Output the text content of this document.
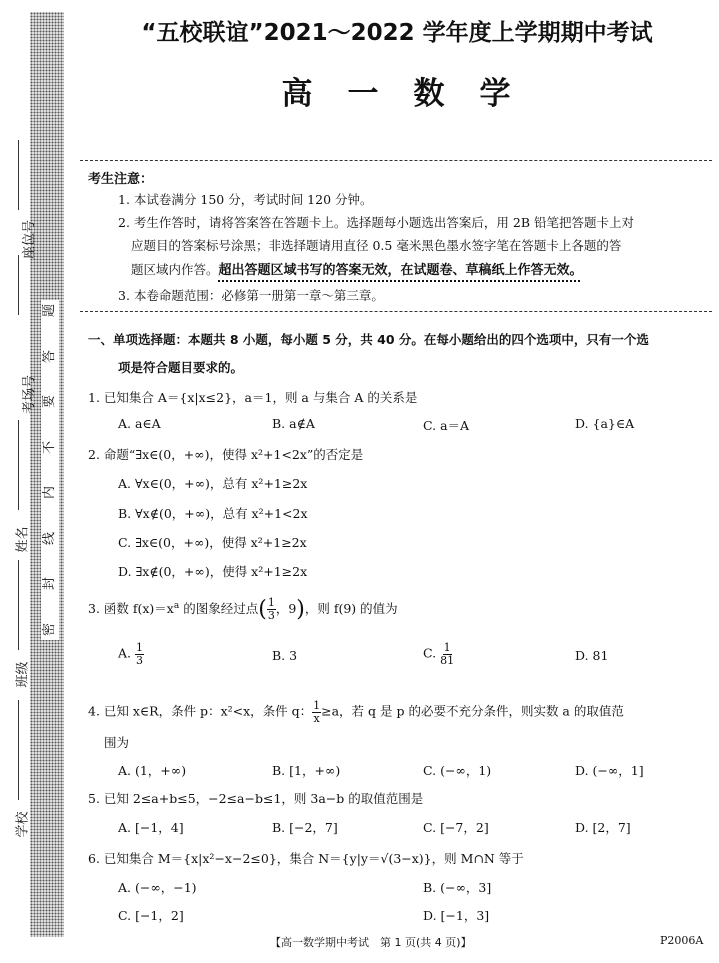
题
答
要
不
内
线
封
密
座位号
考场号
姓名
班级
学校
“五校联谊”2021～2022 学年度上学期期中考试
高　一　数　学
考生注意：
1. 本试卷满分 150 分，考试时间 120 分钟。
2. 考生作答时，请将答案答在答题卡上。选择题每小题选出答案后，用 2B 铅笔把答题卡上对
应题目的答案标号涂黑；非选择题请用直径 0.5 毫米黑色墨水签字笔在答题卡上各题的答
题区域内作答。超出答题区域书写的答案无效，在试题卷、草稿纸上作答无效。
3. 本卷命题范围：必修第一册第一章～第三章。
一、单项选择题：本题共 8 小题，每小题 5 分，共 40 分。在每小题给出的四个选项中，只有一个选
项是符合题目要求的。
1. 已知集合 A＝{x|x≤2}，a＝1，则 a 与集合 A 的关系是
A. a∈A	B. a∉A	C. a＝A	D. {a}∈A
2. 命题“∃x∈(0，+∞)，使得 x²+1<2x”的否定是
A. ∀x∈(0，+∞)，总有 x²+1≥2x
B. ∀x∉(0，+∞)，总有 x²+1<2x
C. ∃x∈(0，+∞)，使得 x²+1≥2x
D. ∃x∉(0，+∞)，使得 x²+1≥2x
3. 函数 $f(x)=x^a$ 的图象经过点( $\frac{1}{3}$ ，9)，则 f(9) 的值为
A. $\frac{1}{3}$	B. 3	C. $\frac{1}{81}$	D. 81
4. 已知 x∈R，条件 p：x²<x，条件 q： $\frac{1}{x} \ge a$，若 q 是 p 的必要不充分条件，则实数 a 的取值范
围为
A. (1，+∞)	B. [1，+∞)	C. (−∞，1)	D. (−∞，1]
5. 已知 2≤a+b≤5，−2≤a−b≤1，则 3a−b 的取值范围是
A. [−1，4]	B. [−2，7]	C. [−7，2]	D. [2，7]
6. 已知集合 M＝{x|x²−x−2≤0}，集合 N＝{y|y＝√(3−x)}，则 M∩N 等于
A. (−∞，−1)	B. (−∞，3]
C. [−1，2]	D. [−1，3]
【高一数学期中考试　第 1 页(共 4 页)】	P2006A
